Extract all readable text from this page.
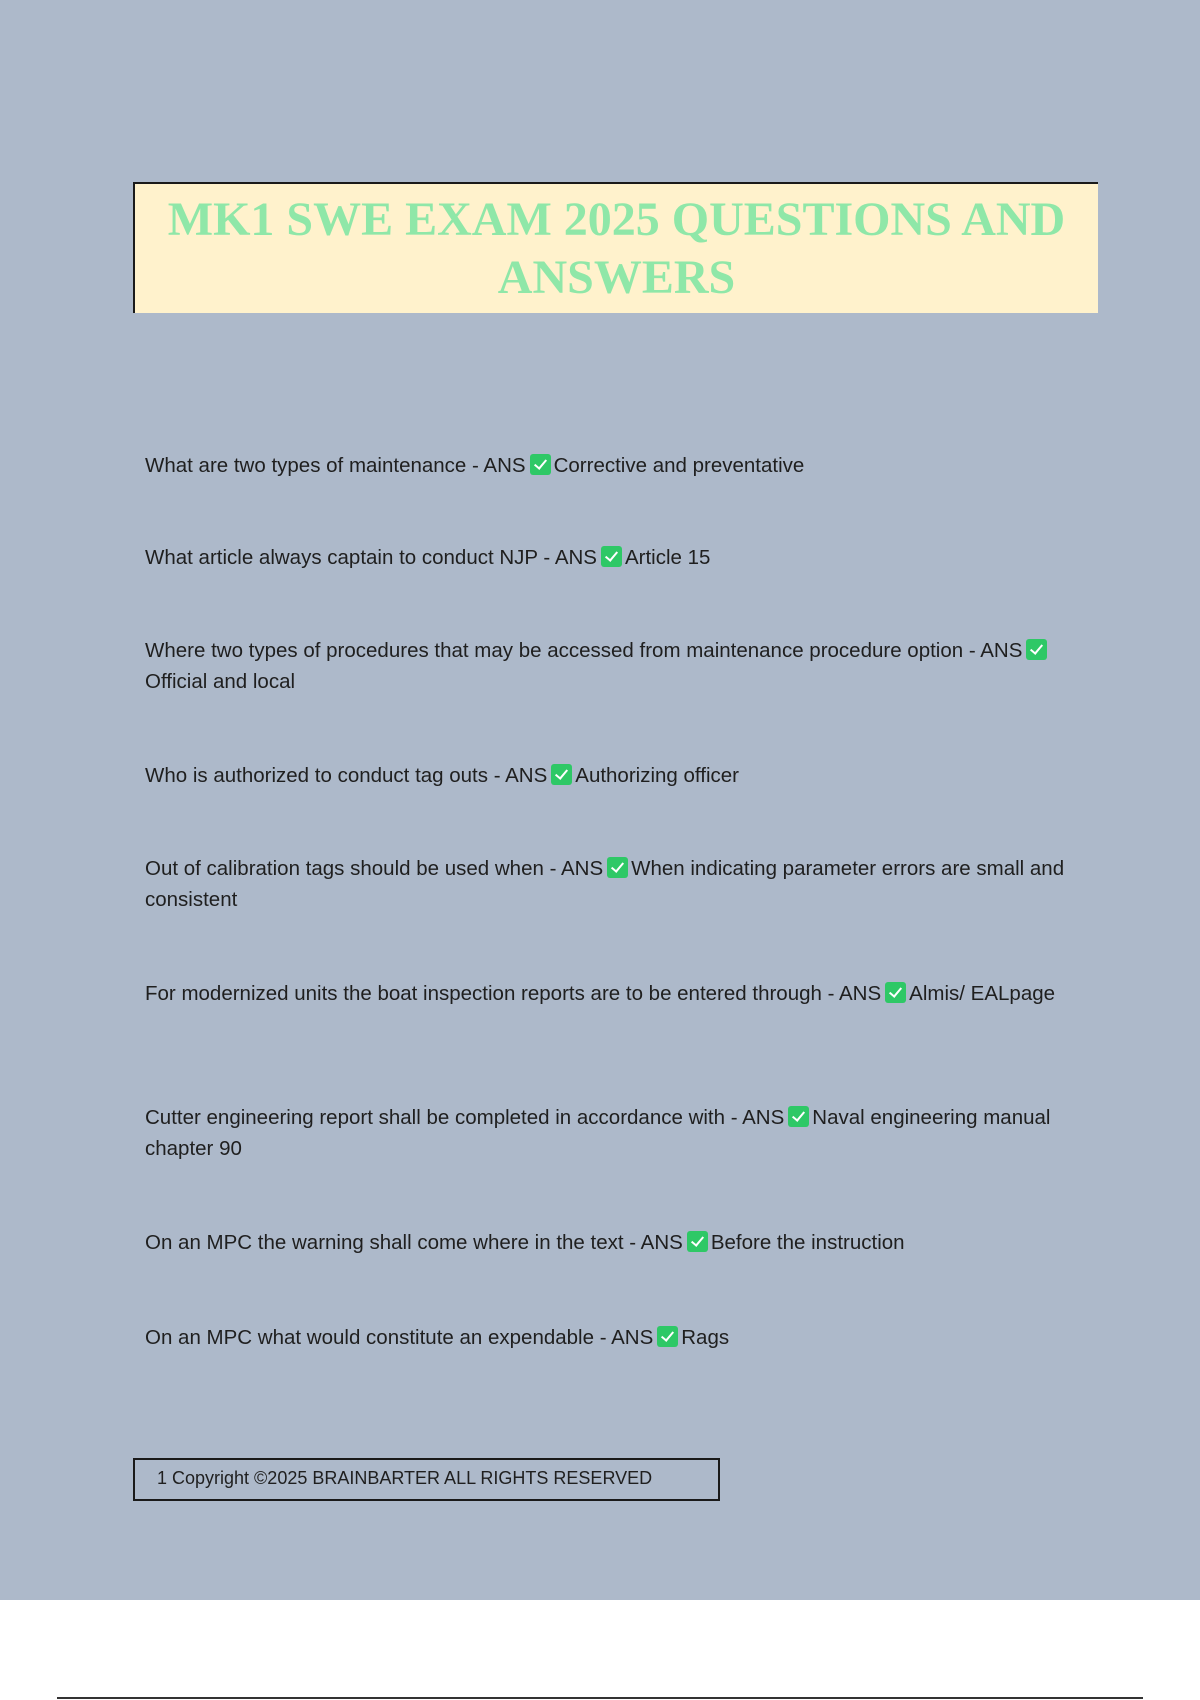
MK1 SWE EXAM 2025 QUESTIONS AND ANSWERS
What are two types of maintenance - ANS Corrective and preventative
What article always captain to conduct NJP - ANS Article 15
Where two types of procedures that may be accessed from maintenance procedure option - ANSOfficial and local
Who is authorized to conduct tag outs - ANS Authorizing officer
Out of calibration tags should be used when - ANS When indicating parameter errors are small and consistent
For modernized units the boat inspection reports are to be entered through - ANS Almis/ EALpage
Cutter engineering report shall be completed in accordance with - ANS Naval engineering manual chapter 90
On an MPC the warning shall come where in the text - ANS Before the instruction
On an MPC what would constitute an expendable - ANS Rags
1 Copyright ©2025 BRAINBARTER ALL RIGHTS RESERVED
